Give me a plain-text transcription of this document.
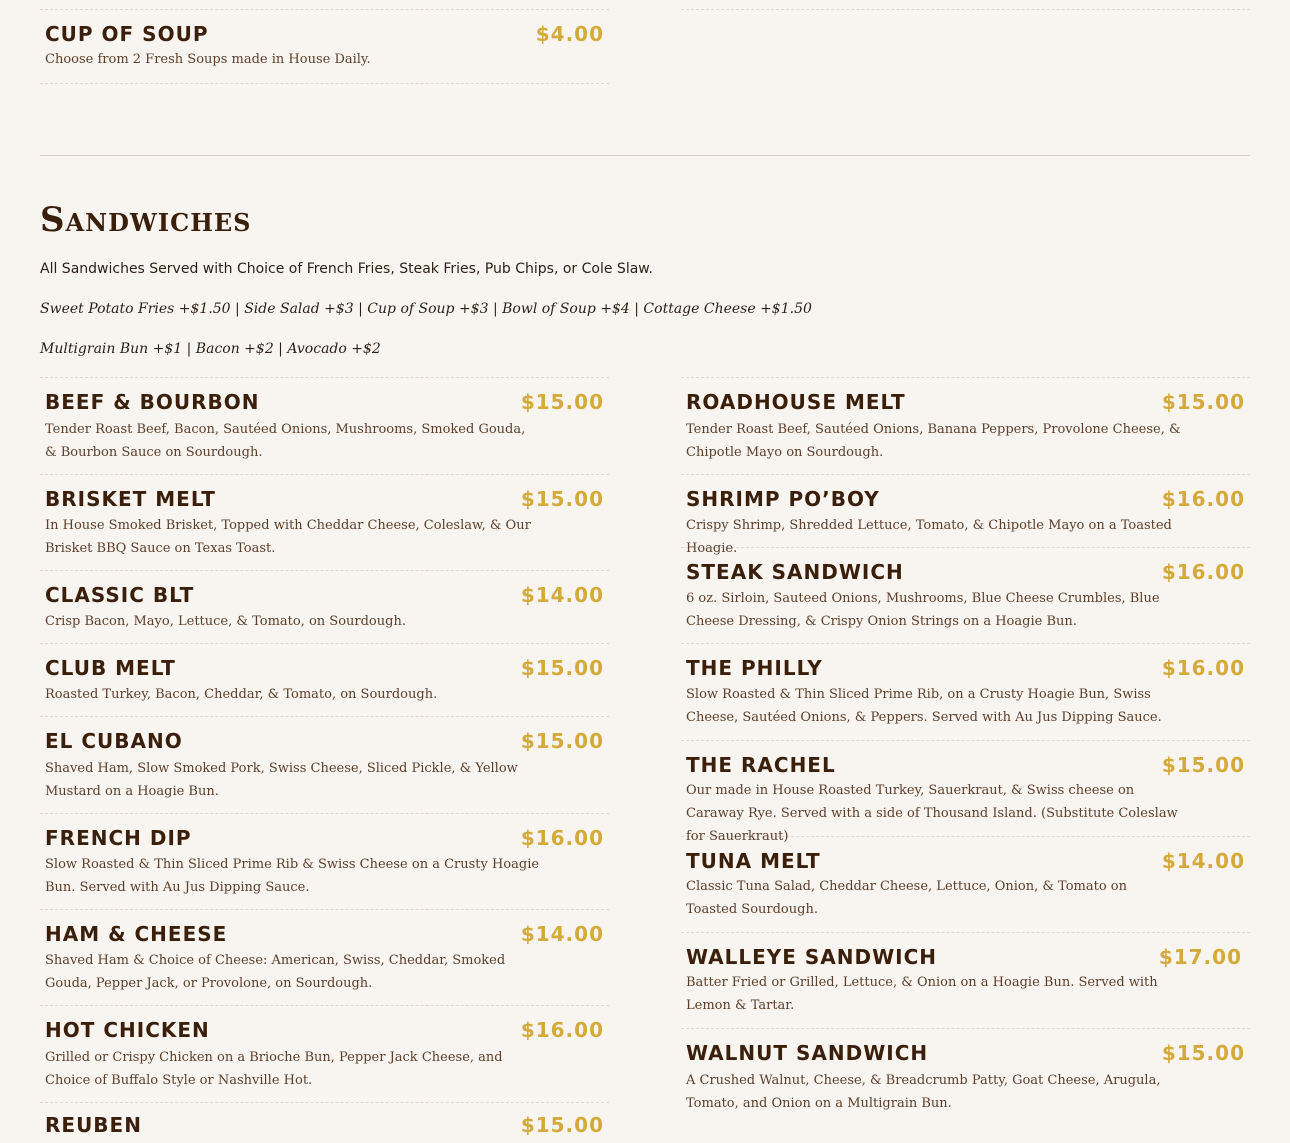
CUP OF SOUP	$4.00
Choose from 2 Fresh Soups made in House Daily.
Sandwiches
All Sandwiches Served with Choice of French Fries, Steak Fries, Pub Chips, or Cole Slaw.
Sweet Potato Fries +$1.50 | Side Salad +$3 | Cup of Soup +$3 | Bowl of Soup +$4 | Cottage Cheese +$1.50
Multigrain Bun +$1 | Bacon +$2 | Avocado +$2
BEEF & BOURBON	$15.00
Tender Roast Beef, Bacon, Sautéed Onions, Mushrooms, Smoked Gouda, & Bourbon Sauce on Sourdough.
BRISKET MELT	$15.00
In House Smoked Brisket, Topped with Cheddar Cheese, Coleslaw, & Our Brisket BBQ Sauce on Texas Toast.
CLASSIC BLT	$14.00
Crisp Bacon, Mayo, Lettuce, & Tomato, on Sourdough.
CLUB MELT	$15.00
Roasted Turkey, Bacon, Cheddar, & Tomato, on Sourdough.
EL CUBANO	$15.00
Shaved Ham, Slow Smoked Pork, Swiss Cheese, Sliced Pickle, & Yellow Mustard on a Hoagie Bun.
FRENCH DIP	$16.00
Slow Roasted & Thin Sliced Prime Rib & Swiss Cheese on a Crusty Hoagie Bun. Served with Au Jus Dipping Sauce.
HAM & CHEESE	$14.00
Shaved Ham & Choice of Cheese: American, Swiss, Cheddar, Smoked Gouda, Pepper Jack, or Provolone, on Sourdough.
HOT CHICKEN	$16.00
Grilled or Crispy Chicken on a Brioche Bun, Pepper Jack Cheese, and Choice of Buffalo Style or Nashville Hot.
REUBEN	$15.00
ROADHOUSE MELT	$15.00
Tender Roast Beef, Sautéed Onions, Banana Peppers, Provolone Cheese, & Chipotle Mayo on Sourdough.
SHRIMP PO’BOY	$16.00
Crispy Shrimp, Shredded Lettuce, Tomato, & Chipotle Mayo on a Toasted Hoagie.
STEAK SANDWICH	$16.00
6 oz. Sirloin, Sauteed Onions, Mushrooms, Blue Cheese Crumbles, Blue Cheese Dressing, & Crispy Onion Strings on a Hoagie Bun.
THE PHILLY	$16.00
Slow Roasted & Thin Sliced Prime Rib, on a Crusty Hoagie Bun, Swiss Cheese, Sautéed Onions, & Peppers. Served with Au Jus Dipping Sauce.
THE RACHEL	$15.00
Our made in House Roasted Turkey, Sauerkraut, & Swiss cheese on Caraway Rye. Served with a side of Thousand Island. (Substitute Coleslaw for Sauerkraut)
TUNA MELT	$14.00
Classic Tuna Salad, Cheddar Cheese, Lettuce, Onion, & Tomato on Toasted Sourdough.
WALLEYE SANDWICH	$17.00
Batter Fried or Grilled, Lettuce, & Onion on a Hoagie Bun. Served with Lemon & Tartar.
WALNUT SANDWICH	$15.00
A Crushed Walnut, Cheese, & Breadcrumb Patty, Goat Cheese, Arugula, Tomato, and Onion on a Multigrain Bun.
